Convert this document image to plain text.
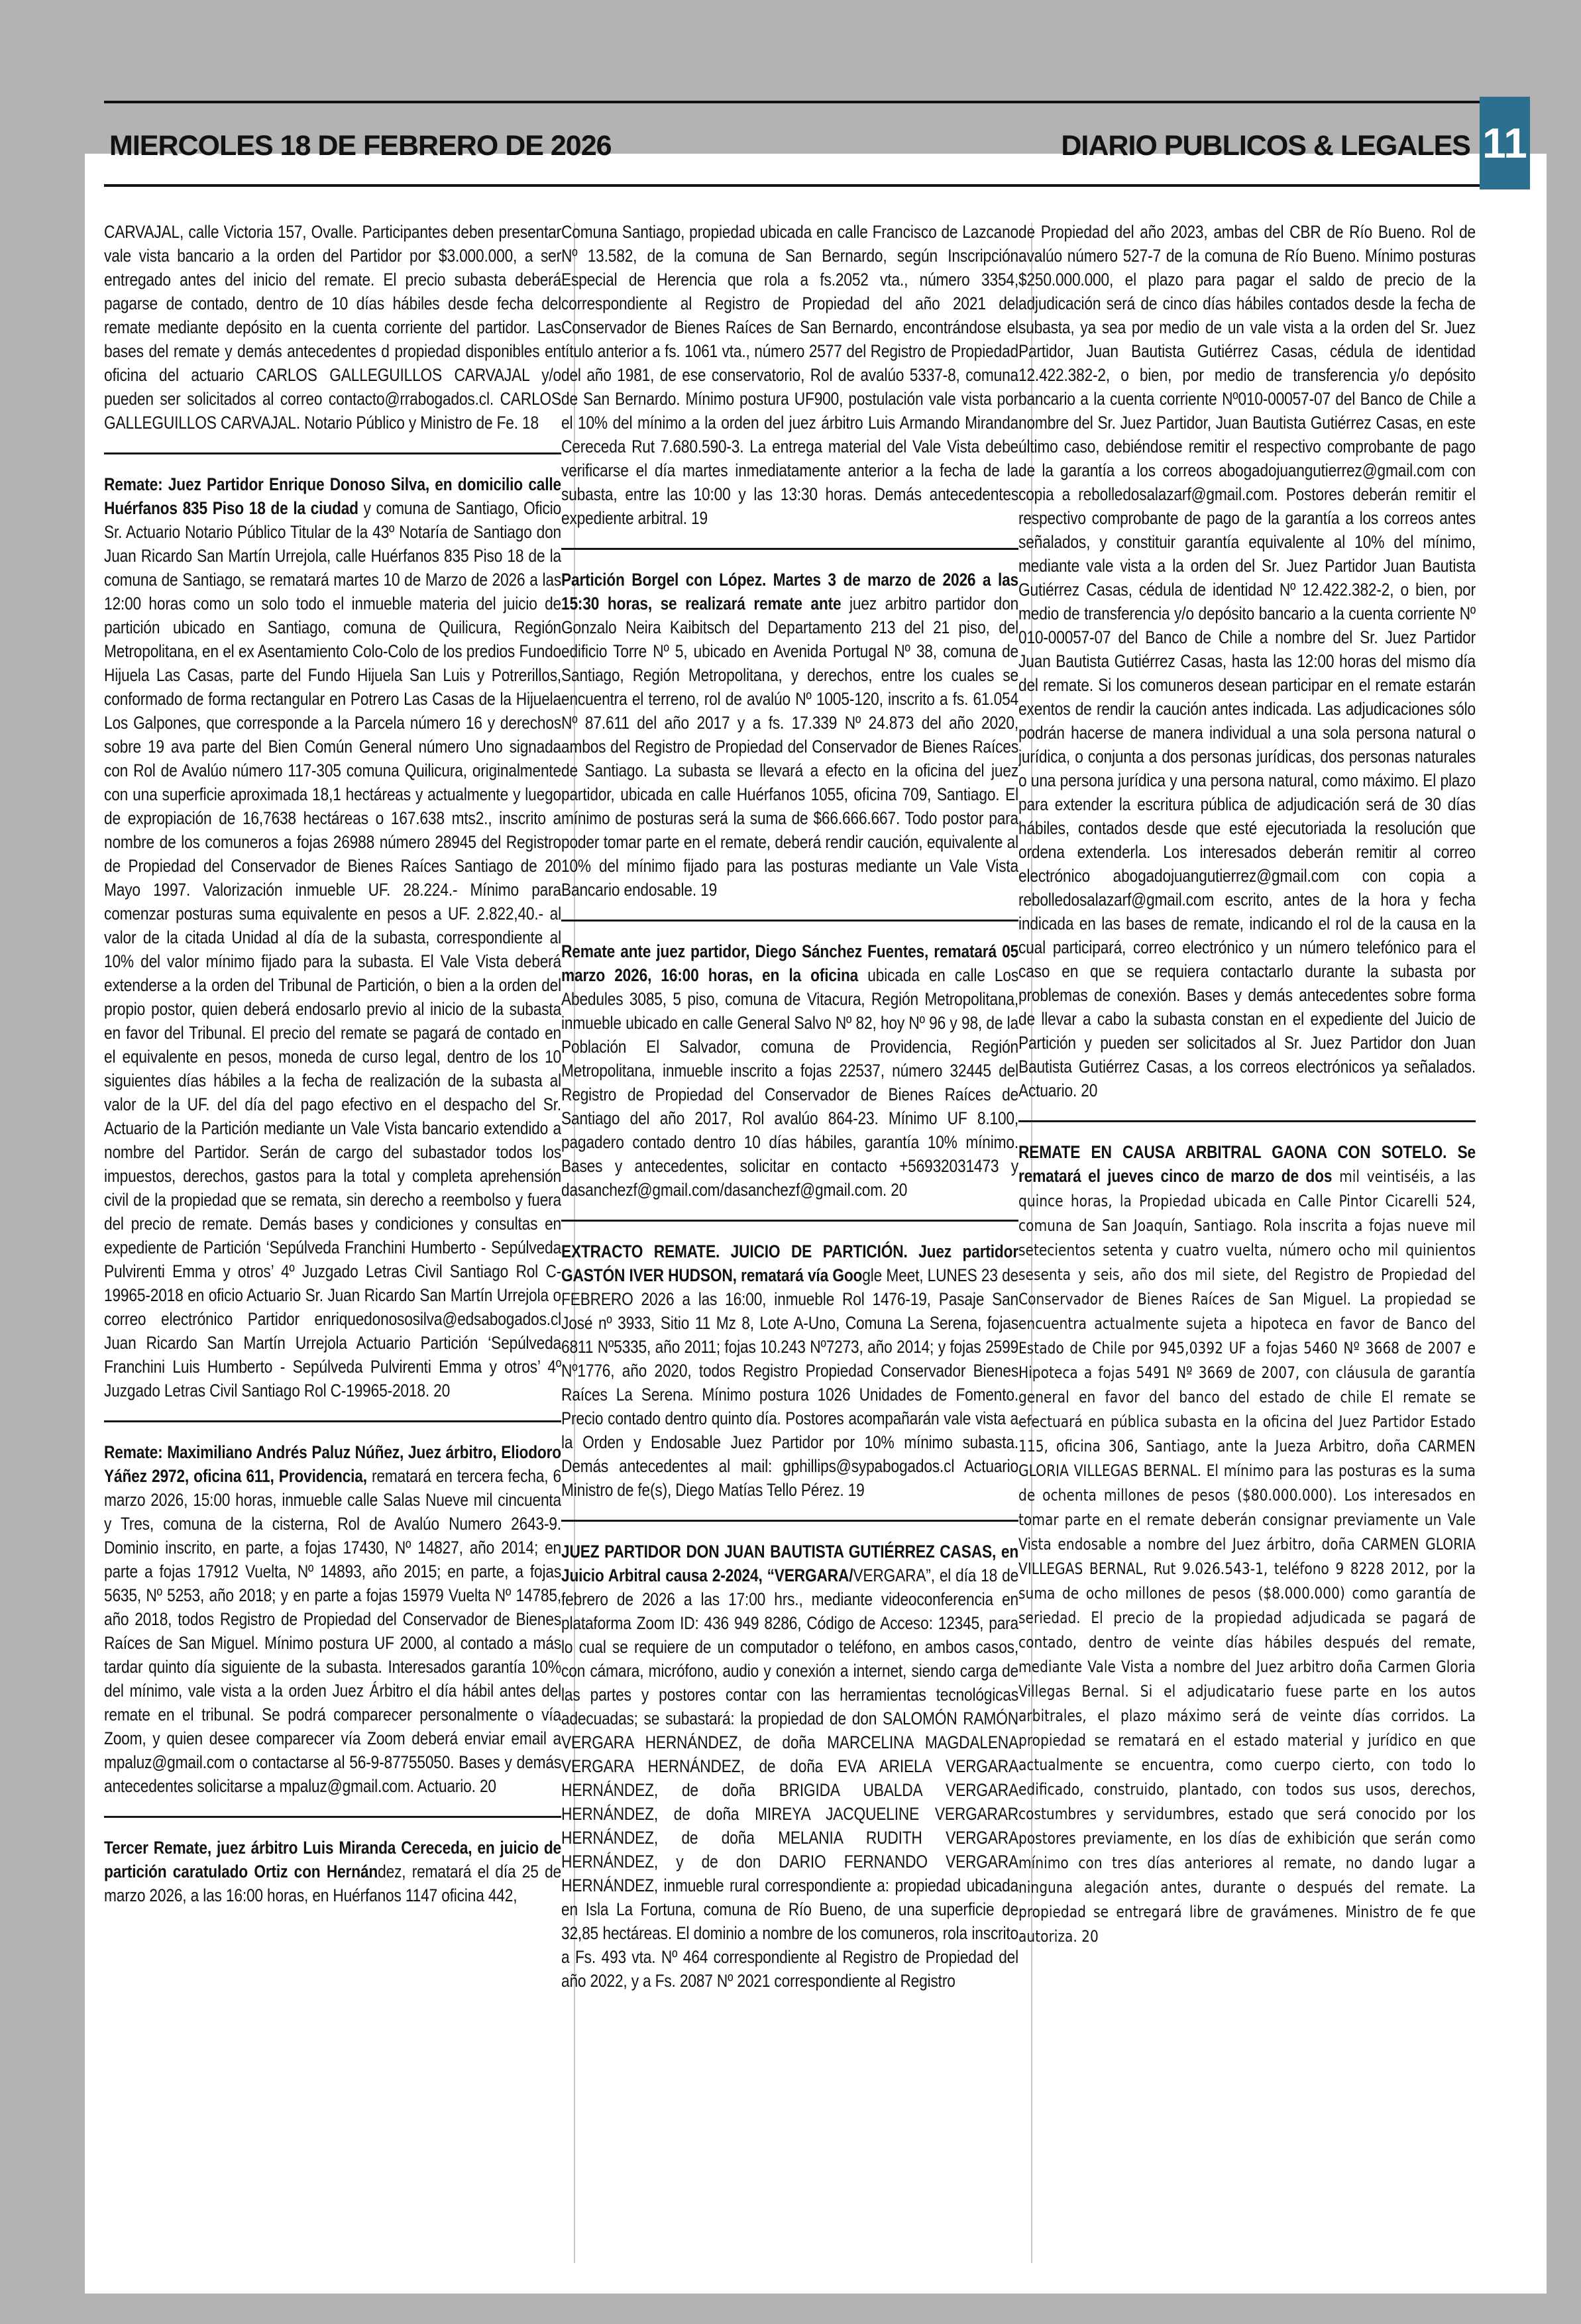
MIERCOLES 18 DE FEBRERO DE 2026	DIARIO PUBLICOS & LEGALES 11

CARVAJAL, calle Victoria 157, Ovalle. Participantes deben presentar vale vista bancario a la orden del Partidor por $3.000.000, a ser entregado antes del inicio del remate. El precio subasta deberá pagarse de contado, dentro de 10 días hábiles desde fecha del remate mediante depósito en la cuenta corriente del partidor. Las bases del remate y demás antecedentes d propiedad disponibles en oficina del actuario CARLOS GALLEGUILLOS CARVAJAL y/o pueden ser solicitados al correo contacto@rrabogados.cl. CARLOS GALLEGUILLOS CARVAJAL. Notario Público y Ministro de Fe. 18

Remate: Juez Partidor Enrique Donoso Silva, en domicilio calle Huérfanos 835 Piso 18 de la ciudad y comuna de Santiago, Oficio Sr. Actuario Notario Público Titular de la 43º Notaría de Santiago don Juan Ricardo San Martín Urrejola, calle Huérfanos 835 Piso 18 de la comuna de Santiago, se rematará martes 10 de Marzo de 2026 a las 12:00 horas como un solo todo el inmueble materia del juicio de partición ubicado en Santiago, comuna de Quilicura, Región Metropolitana, en el ex Asentamiento Colo-Colo de los predios Fundo Hijuela Las Casas, parte del Fundo Hijuela San Luis y Potrerillos, conformado de forma rectangular en Potrero Las Casas de la Hijuela Los Galpones, que corresponde a la Parcela número 16 y derechos sobre 19 ava parte del Bien Común General número Uno signada con Rol de Avalúo número 117-305 comuna Quilicura, originalmente con una superficie aproximada 18,1 hectáreas y actualmente y luego de expropiación de 16,7638 hectáreas o 167.638 mts2., inscrito a nombre de los comuneros a fojas 26988 número 28945 del Registro de Propiedad del Conservador de Bienes Raíces Santiago de 20 Mayo 1997. Valorización inmueble UF. 28.224.- Mínimo para comenzar posturas suma equivalente en pesos a UF. 2.822,40.- al valor de la citada Unidad al día de la subasta, correspondiente al 10% del valor mínimo fijado para la subasta. El Vale Vista deberá extenderse a la orden del Tribunal de Partición, o bien a la orden del propio postor, quien deberá endosarlo previo al inicio de la subasta en favor del Tribunal. El precio del remate se pagará de contado en el equivalente en pesos, moneda de curso legal, dentro de los 10 siguientes días hábiles a la fecha de realización de la subasta al valor de la UF. del día del pago efectivo en el despacho del Sr. Actuario de la Partición mediante un Vale Vista bancario extendido a nombre del Partidor. Serán de cargo del subastador todos los impuestos, derechos, gastos para la total y completa aprehensión civil de la propiedad que se remata, sin derecho a reembolso y fuera del precio de remate. Demás bases y condiciones y consultas en expediente de Partición ‘Sepúlveda Franchini Humberto - Sepúlveda Pulvirenti Emma y otros’ 4º Juzgado Letras Civil Santiago Rol C-19965-2018 en oficio Actuario Sr. Juan Ricardo San Martín Urrejola o correo electrónico Partidor enriquedonososilva@edsabogados.cl Juan Ricardo San Martín Urrejola Actuario Partición ‘Sepúlveda Franchini Luis Humberto - Sepúlveda Pulvirenti Emma y otros’ 4º Juzgado Letras Civil Santiago Rol C-19965-2018. 20

Remate: Maximiliano Andrés Paluz Núñez, Juez árbitro, Eliodoro Yáñez 2972, oficina 611, Providencia, rematará en tercera fecha, 6 marzo 2026, 15:00 horas, inmueble calle Salas Nueve mil cincuenta y Tres, comuna de la cisterna, Rol de Avalúo Numero 2643-9. Dominio inscrito, en parte, a fojas 17430, Nº 14827, año 2014; en parte a fojas 17912 Vuelta, Nº 14893, año 2015; en parte, a fojas 5635, Nº 5253, año 2018; y en parte a fojas 15979 Vuelta Nº 14785, año 2018, todos Registro de Propiedad del Conservador de Bienes Raíces de San Miguel. Mínimo postura UF 2000, al contado a más tardar quinto día siguiente de la subasta. Interesados garantía 10% del mínimo, vale vista a la orden Juez Árbitro el día hábil antes del remate en el tribunal. Se podrá comparecer personalmente o vía Zoom, y quien desee comparecer vía Zoom deberá enviar email a mpaluz@gmail.com o contactarse al 56-9-87755050. Bases y demás antecedentes solicitarse a mpaluz@gmail.com. Actuario. 20

Tercer Remate, juez árbitro Luis Miranda Cereceda, en juicio de partición caratulado Ortiz con Hernández, rematará el día 25 de marzo 2026, a las 16:00 horas, en Huérfanos 1147 oficina 442,

Comuna Santiago, propiedad ubicada en calle Francisco de Lazcano Nº 13.582, de la comuna de San Bernardo, según Inscripción Especial de Herencia que rola a fs.2052 vta., número 3354, correspondiente al Registro de Propiedad del año 2021 del Conservador de Bienes Raíces de San Bernardo, encontrándose el título anterior a fs. 1061 vta., número 2577 del Registro de Propiedad del año 1981, de ese conservatorio, Rol de avalúo 5337-8, comuna de San Bernardo. Mínimo postura UF900, postulación vale vista por el 10% del mínimo a la orden del juez árbitro Luis Armando Miranda Cereceda Rut 7.680.590-3. La entrega material del Vale Vista debe verificarse el día martes inmediatamente anterior a la fecha de la subasta, entre las 10:00 y las 13:30 horas. Demás antecedentes expediente arbitral. 19

Partición Borgel con López. Martes 3 de marzo de 2026 a las 15:30 horas, se realizará remate ante juez arbitro partidor don Gonzalo Neira Kaibitsch del Departamento 213 del 21 piso, del edificio Torre Nº 5, ubicado en Avenida Portugal Nº 38, comuna de Santiago, Región Metropolitana, y derechos, entre los cuales se encuentra el terreno, rol de avalúo Nº 1005-120, inscrito a fs. 61.054 Nº 87.611 del año 2017 y a fs. 17.339 Nº 24.873 del año 2020, ambos del Registro de Propiedad del Conservador de Bienes Raíces de Santiago. La subasta se llevará a efecto en la oficina del juez partidor, ubicada en calle Huérfanos 1055, oficina 709, Santiago. El mínimo de posturas será la suma de $66.666.667. Todo postor para poder tomar parte en el remate, deberá rendir caución, equivalente al 10% del mínimo fijado para las posturas mediante un Vale Vista Bancario endosable. 19

Remate ante juez partidor, Diego Sánchez Fuentes, rematará 05 marzo 2026, 16:00 horas, en la oficina ubicada en calle Los Abedules 3085, 5 piso, comuna de Vitacura, Región Metropolitana, inmueble ubicado en calle General Salvo Nº 82, hoy Nº 96 y 98, de la Población El Salvador, comuna de Providencia, Región Metropolitana, inmueble inscrito a fojas 22537, número 32445 del Registro de Propiedad del Conservador de Bienes Raíces de Santiago del año 2017, Rol avalúo 864-23. Mínimo UF 8.100, pagadero contado dentro 10 días hábiles, garantía 10% mínimo. Bases y antecedentes, solicitar en contacto +56932031473 y dasanchezf@gmail.com/dasanchezf@gmail.com. 20

EXTRACTO REMATE. JUICIO DE PARTICIÓN. Juez partidor GASTÓN IVER HUDSON, rematará vía Google Meet, LUNES 23 de FEBRERO 2026 a las 16:00, inmueble Rol 1476-19, Pasaje San José nº 3933, Sitio 11 Mz 8, Lote A-Uno, Comuna La Serena, fojas 6811 Nº5335, año 2011; fojas 10.243 Nº7273, año 2014; y fojas 2599 Nº1776, año 2020, todos Registro Propiedad Conservador Bienes Raíces La Serena. Mínimo postura 1026 Unidades de Fomento. Precio contado dentro quinto día. Postores acompañarán vale vista a la Orden y Endosable Juez Partidor por 10% mínimo subasta. Demás antecedentes al mail: gphillips@sypabogados.cl Actuario Ministro de fe(s), Diego Matías Tello Pérez. 19

JUEZ PARTIDOR DON JUAN BAUTISTA GUTIÉRREZ CASAS, en Juicio Arbitral causa 2-2024, “VERGARA/VERGARA”, el día 18 de febrero de 2026 a las 17:00 hrs., mediante videoconferencia en plataforma Zoom ID: 436 949 8286, Código de Acceso: 12345, para lo cual se requiere de un computador o teléfono, en ambos casos, con cámara, micrófono, audio y conexión a internet, siendo carga de las partes y postores contar con las herramientas tecnológicas adecuadas; se subastará: la propiedad de don SALOMÓN RAMÓN VERGARA HERNÁNDEZ, de doña MARCELINA MAGDALENA VERGARA HERNÁNDEZ, de doña EVA ARIELA VERGARA HERNÁNDEZ, de doña BRIGIDA UBALDA VERGARA HERNÁNDEZ, de doña MIREYA JACQUELINE VERGARAR HERNÁNDEZ, de doña MELANIA RUDITH VERGARA HERNÁNDEZ, y de don DARIO FERNANDO VERGARA HERNÁNDEZ, inmueble rural correspondiente a: propiedad ubicada en Isla La Fortuna, comuna de Río Bueno, de una superficie de 32,85 hectáreas. El dominio a nombre de los comuneros, rola inscrito a Fs. 493 vta. Nº 464 correspondiente al Registro de Propiedad del año 2022, y a Fs. 2087 Nº 2021 correspondiente al Registro

de Propiedad del año 2023, ambas del CBR de Río Bueno. Rol de avalúo número 527-7 de la comuna de Río Bueno. Mínimo posturas $250.000.000, el plazo para pagar el saldo de precio de la adjudicación será de cinco días hábiles contados desde la fecha de subasta, ya sea por medio de un vale vista a la orden del Sr. Juez Partidor, Juan Bautista Gutiérrez Casas, cédula de identidad 12.422.382-2, o bien, por medio de transferencia y/o depósito bancario a la cuenta corriente Nº010-00057-07 del Banco de Chile a nombre del Sr. Juez Partidor, Juan Bautista Gutiérrez Casas, en este último caso, debiéndose remitir el respectivo comprobante de pago de la garantía a los correos abogadojuangutierrez@gmail.com con copia a rebolledosalazarf@gmail.com. Postores deberán remitir el respectivo comprobante de pago de la garantía a los correos antes señalados, y constituir garantía equivalente al 10% del mínimo, mediante vale vista a la orden del Sr. Juez Partidor Juan Bautista Gutiérrez Casas, cédula de identidad Nº 12.422.382-2, o bien, por medio de transferencia y/o depósito bancario a la cuenta corriente Nº 010-00057-07 del Banco de Chile a nombre del Sr. Juez Partidor Juan Bautista Gutiérrez Casas, hasta las 12:00 horas del mismo día del remate. Si los comuneros desean participar en el remate estarán exentos de rendir la caución antes indicada. Las adjudicaciones sólo podrán hacerse de manera individual a una sola persona natural o jurídica, o conjunta a dos personas jurídicas, dos personas naturales o una persona jurídica y una persona natural, como máximo. El plazo para extender la escritura pública de adjudicación será de 30 días hábiles, contados desde que esté ejecutoriada la resolución que ordena extenderla. Los interesados deberán remitir al correo electrónico abogadojuangutierrez@gmail.com con copia a rebolledosalazarf@gmail.com escrito, antes de la hora y fecha indicada en las bases de remate, indicando el rol de la causa en la cual participará, correo electrónico y un número telefónico para el caso en que se requiera contactarlo durante la subasta por problemas de conexión. Bases y demás antecedentes sobre forma de llevar a cabo la subasta constan en el expediente del Juicio de Partición y pueden ser solicitados al Sr. Juez Partidor don Juan Bautista Gutiérrez Casas, a los correos electrónicos ya señalados. Actuario. 20

REMATE EN CAUSA ARBITRAL GAONA CON SOTELO. Se rematará el jueves cinco de marzo de dos mil veintiséis, a las quince horas, la Propiedad ubicada en Calle Pintor Cicarelli 524, comuna de San Joaquín, Santiago. Rola inscrita a fojas nueve mil setecientos setenta y cuatro vuelta, número ocho mil quinientos sesenta y seis, año dos mil siete, del Registro de Propiedad del Conservador de Bienes Raíces de San Miguel. La propiedad se encuentra actualmente sujeta a hipoteca en favor de Banco del Estado de Chile por 945,0392 UF a fojas 5460 Nº 3668 de 2007 e Hipoteca a fojas 5491 Nº 3669 de 2007, con cláusula de garantía general en favor del banco del estado de chile El remate se efectuará en pública subasta en la oficina del Juez Partidor Estado 115, oficina 306, Santiago, ante la Jueza Arbitro, doña CARMEN GLORIA VILLEGAS BERNAL. El mínimo para las posturas es la suma de ochenta millones de pesos ($80.000.000). Los interesados en tomar parte en el remate deberán consignar previamente un Vale Vista endosable a nombre del Juez árbitro, doña CARMEN GLORIA VILLEGAS BERNAL, Rut 9.026.543-1, teléfono 9 8228 2012, por la suma de ocho millones de pesos ($8.000.000) como garantía de seriedad. El precio de la propiedad adjudicada se pagará de contado, dentro de veinte días hábiles después del remate, mediante Vale Vista a nombre del Juez arbitro doña Carmen Gloria Villegas Bernal. Si el adjudicatario fuese parte en los autos arbitrales, el plazo máximo será de veinte días corridos. La propiedad se rematará en el estado material y jurídico en que actualmente se encuentra, como cuerpo cierto, con todo lo edificado, construido, plantado, con todos sus usos, derechos, costumbres y servidumbres, estado que será conocido por los postores previamente, en los días de exhibición que serán como mínimo con tres días anteriores al remate, no dando lugar a ninguna alegación antes, durante o después del remate. La propiedad se entregará libre de gravámenes. Ministro de fe que autoriza. 20
